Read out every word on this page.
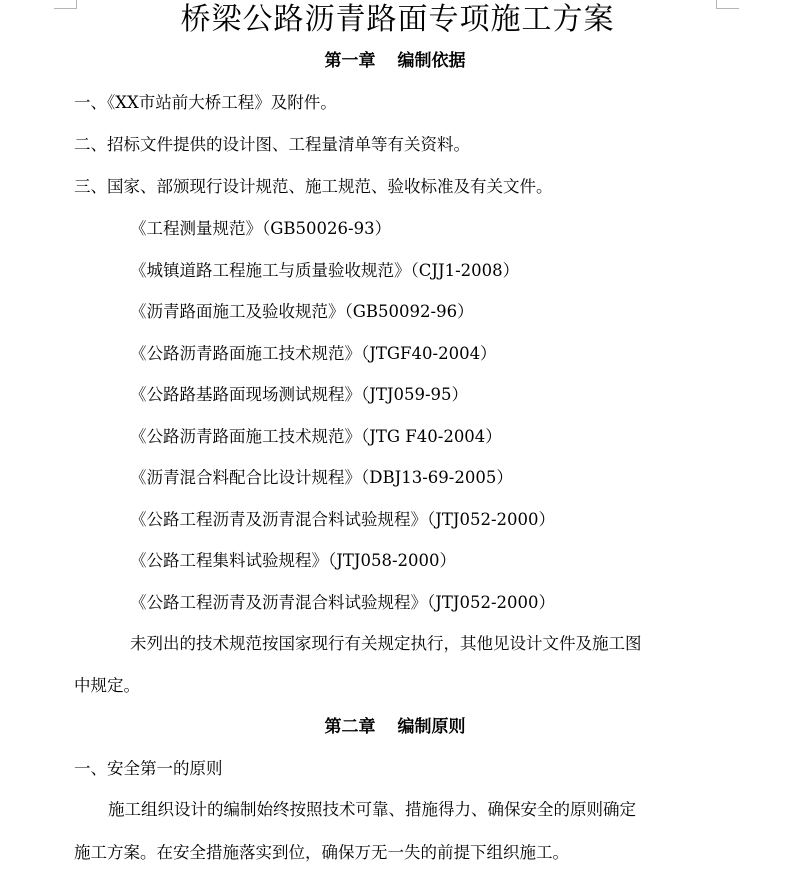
桥梁公路沥青路面专项施工方案
第一章 编制依据
一、《XX市站前大桥工程》及附件。
二、招标文件提供的设计图、工程量清单等有关资料。
三、国家、部颁现行设计规范、施工规范、验收标准及有关文件。
《工程测量规范》（GB50026-93）
《城镇道路工程施工与质量验收规范》（CJJ1-2008）
《沥青路面施工及验收规范》（GB50092-96）
《公路沥青路面施工技术规范》（JTGF40-2004）
《公路路基路面现场测试规程》（JTJ059-95）
《公路沥青路面施工技术规范》（JTG F40-2004）
《沥青混合料配合比设计规程》（DBJ13-69-2005）
《公路工程沥青及沥青混合料试验规程》（JTJ052-2000）
《公路工程集料试验规程》（JTJ058-2000）
《公路工程沥青及沥青混合料试验规程》（JTJ052-2000）
未列出的技术规范按国家现行有关规定执行，其他见设计文件及施工图
中规定。
第二章 编制原则
一、安全第一的原则
施工组织设计的编制始终按照技术可靠、措施得力、确保安全的原则确定
施工方案。在安全措施落实到位，确保万无一失的前提下组织施工。
